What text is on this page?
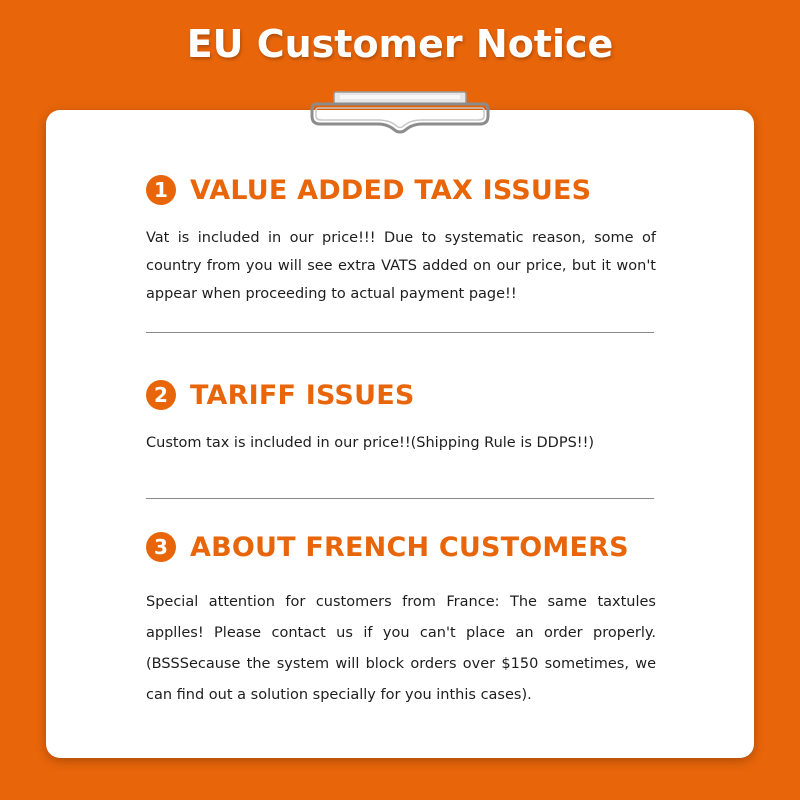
EU Customer Notice
1 VALUE ADDED TAX ISSUES
Vat is included in our price!!! Due to systematic reason, some of country from you will see extra VATS added on our price, but it won't appear when proceeding to actual payment page!!
2 TARIFF ISSUES
Custom tax is included in our price!!(Shipping Rule is DDPS!!)
3 ABOUT FRENCH CUSTOMERS
Special attention for customers from France: The same taxtules applles! Please contact us if you can't place an order properly. (BSSSecause the system will block orders over $150 sometimes, we can find out a solution specially for you inthis cases).
